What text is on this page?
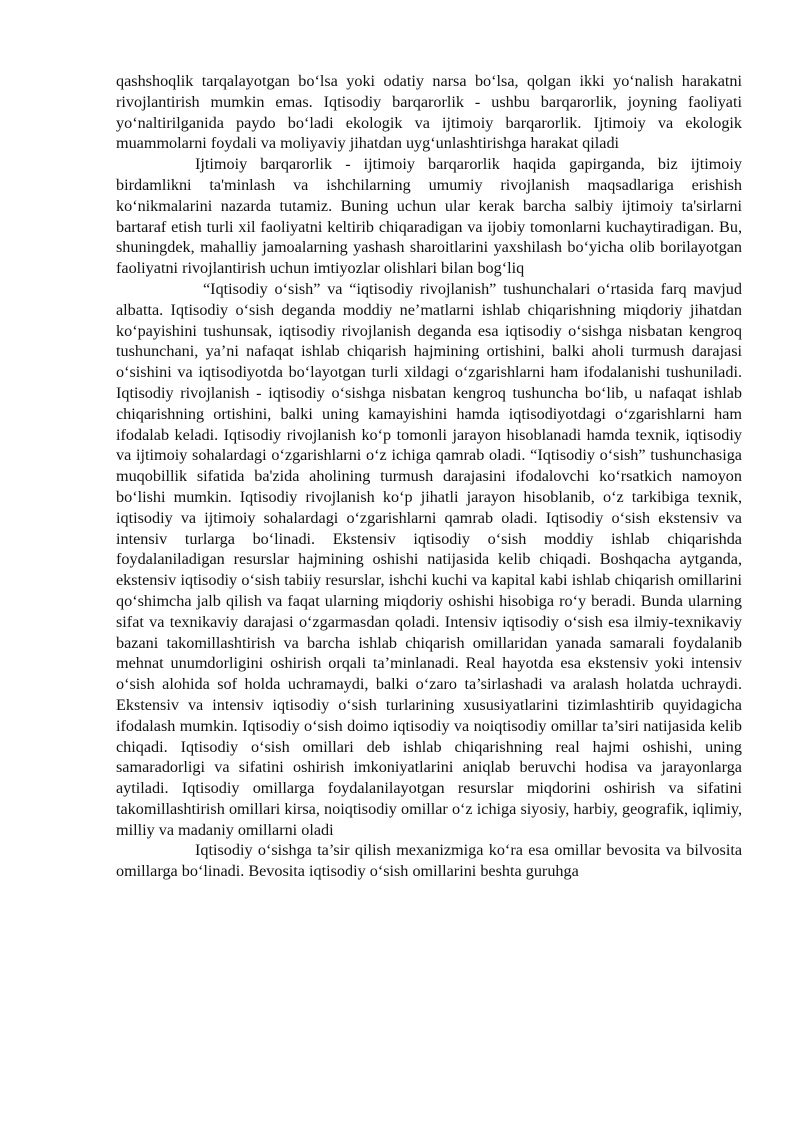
qashshoqlik tarqalayotgan bo‘lsa yoki odatiy narsa bo‘lsa, qolgan ikki yo‘nalish harakatni rivojlantirish mumkin emas. Iqtisodiy barqarorlik - ushbu barqarorlik, joyning faoliyati yo‘naltirilganida paydo bo‘ladi ekologik va ijtimoiy barqarorlik. Ijtimoiy va ekologik muammolarni foydali va moliyaviy jihatdan uyg‘unlashtirishga harakat qiladi

Ijtimoiy barqarorlik - ijtimoiy barqarorlik haqida gapirganda, biz ijtimoiy birdamlikni ta'minlash va ishchilarning umumiy rivojlanish maqsadlariga erishish ko‘nikmalarini nazarda tutamiz. Buning uchun ular kerak barcha salbiy ijtimoiy ta'sirlarni bartaraf etish turli xil faoliyatni keltirib chiqaradigan va ijobiy tomonlarni kuchaytiradigan. Bu, shuningdek, mahalliy jamoalarning yashash sharoitlarini yaxshilash bo‘yicha olib borilayotgan faoliyatni rivojlantirish uchun imtiyozlar olishlari bilan bog‘liq

“Iqtisodiy o‘sish” va “iqtisodiy rivojlanish” tushunchalari o‘rtasida farq mavjud albatta. Iqtisodiy o‘sish deganda moddiy ne’matlarni ishlab chiqarishning miqdoriy jihatdan ko‘payishini tushunsak, iqtisodiy rivojlanish deganda esa iqtisodiy o‘sishga nisbatan kengroq tushunchani, ya’ni nafaqat ishlab chiqarish hajmining ortishini, balki aholi turmush darajasi o‘sishini va iqtisodiyotda bo‘layotgan turli xildagi o‘zgarishlarni ham ifodalanishi tushuniladi. Iqtisodiy rivojlanish - iqtisodiy o‘sishga nisbatan kengroq tushuncha bo‘lib, u nafaqat ishlab chiqarishning ortishini, balki uning kamayishini hamda iqtisodiyotdagi o‘zgarishlarni ham ifodalab keladi. Iqtisodiy rivojlanish ko‘p tomonli jarayon hisoblanadi hamda texnik, iqtisodiy va ijtimoiy sohalardagi o‘zgarishlarni o‘z ichiga qamrab oladi. “Iqtisodiy o‘sish” tushunchasiga muqobillik sifatida ba'zida aholining turmush darajasini ifodalovchi ko‘rsatkich namoyon bo‘lishi mumkin. Iqtisodiy rivojlanish ko‘p jihatli jarayon hisoblanib, o‘z tarkibiga texnik, iqtisodiy va ijtimoiy sohalardagi o‘zgarishlarni qamrab oladi. Iqtisodiy o‘sish ekstensiv va intensiv turlarga bo‘linadi. Ekstensiv iqtisodiy o‘sish moddiy ishlab chiqarishda foydalaniladigan resurslar hajmining oshishi natijasida kelib chiqadi. Boshqacha aytganda, ekstensiv iqtisodiy o‘sish tabiiy resurslar, ishchi kuchi va kapital kabi ishlab chiqarish omillarini qo‘shimcha jalb qilish va faqat ularning miqdoriy oshishi hisobiga ro‘y beradi. Bunda ularning sifat va texnikaviy darajasi o‘zgarmasdan qoladi. Intensiv iqtisodiy o‘sish esa ilmiy-texnikaviy bazani takomillashtirish va barcha ishlab chiqarish omillaridan yanada samarali foydalanib mehnat unumdorligini oshirish orqali ta’minlanadi. Real hayotda esa ekstensiv yoki intensiv o‘sish alohida sof holda uchramaydi, balki o‘zaro ta’sirlashadi va aralash holatda uchraydi. Ekstensiv va intensiv iqtisodiy o‘sish turlarining xususiyatlarini tizimlashtirib quyidagicha ifodalash mumkin. Iqtisodiy o‘sish doimo iqtisodiy va noiqtisodiy omillar ta’siri natijasida kelib chiqadi. Iqtisodiy o‘sish omillari deb ishlab chiqarishning real hajmi oshishi, uning samaradorligi va sifatini oshirish imkoniyatlarini aniqlab beruvchi hodisa va jarayonlarga aytiladi. Iqtisodiy omillarga foydalanilayotgan resurslar miqdorini oshirish va sifatini takomillashtirish omillari kirsa, noiqtisodiy omillar o‘z ichiga siyosiy, harbiy, geografik, iqlimiy, milliy va madaniy omillarni oladi

Iqtisodiy o‘sishga ta’sir qilish mexanizmiga ko‘ra esa omillar bevosita va bilvosita omillarga bo‘linadi. Bevosita iqtisodiy o‘sish omillarini beshta guruhga
